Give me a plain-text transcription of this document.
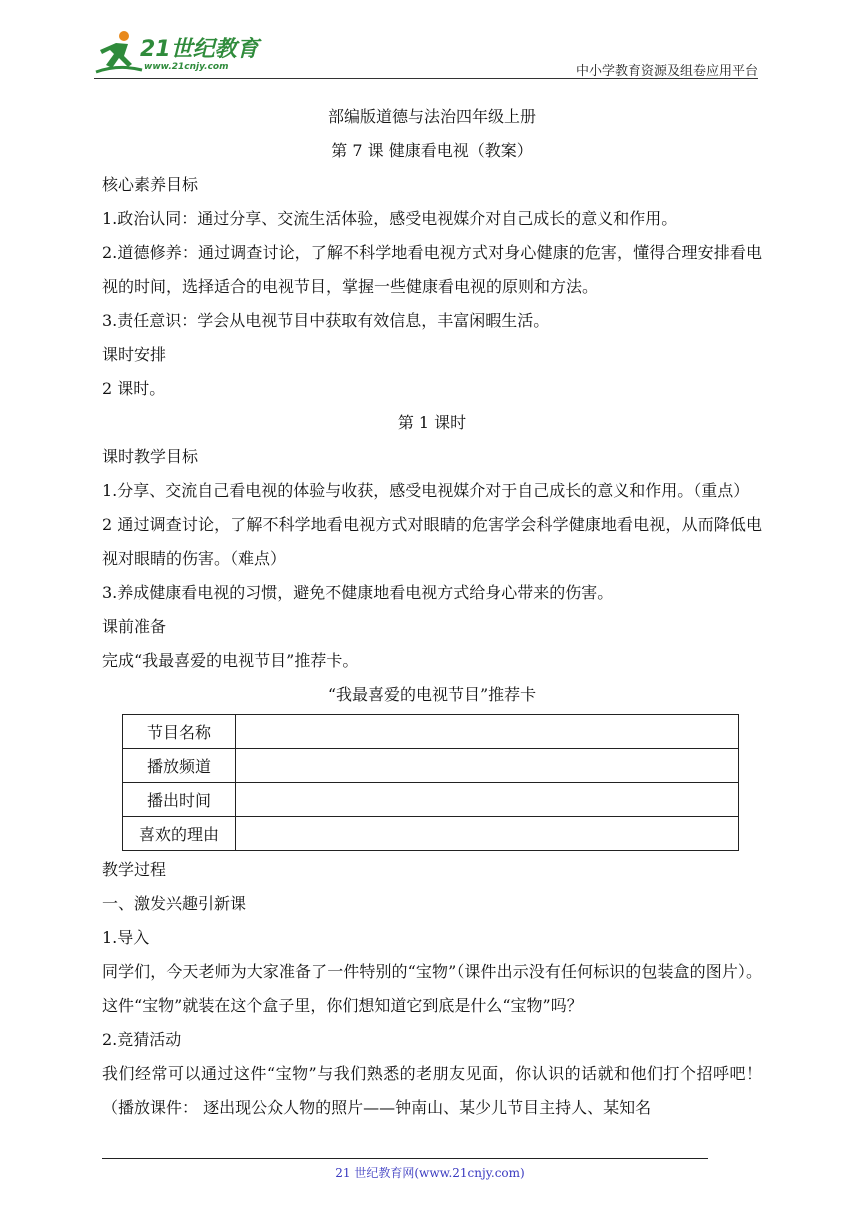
21世纪教育
www.21cnjy.com	中小学教育资源及组卷应用平台
部编版道德与法治四年级上册
第 7 课 健康看电视（教案）
核心素养目标
1.政治认同：通过分享、交流生活体验，感受电视媒介对自己成长的意义和作用。
2.道德修养：通过调查讨论，了解不科学地看电视方式对身心健康的危害，懂得合理安排看电视的时间，选择适合的电视节目，掌握一些健康看电视的原则和方法。
3.责任意识：学会从电视节目中获取有效信息，丰富闲暇生活。
课时安排
2 课时。
第 1 课时
课时教学目标
1.分享、交流自己看电视的体验与收获，感受电视媒介对于自己成长的意义和作用。（重点）
2 通过调查讨论，了解不科学地看电视方式对眼睛的危害学会科学健康地看电视，从而降低电视对眼睛的伤害。（难点）
3.养成健康看电视的习惯，避免不健康地看电视方式给身心带来的伤害。
课前准备
完成“我最喜爱的电视节目”推荐卡。
“我最喜爱的电视节目”推荐卡
节目名称	
播放频道	
播出时间	
喜欢的理由	
教学过程
一、激发兴趣引新课
1.导入
同学们，今天老师为大家准备了一件特别的“宝物”（课件出示没有任何标识的包装盒的图片）。这件“宝物”就装在这个盒子里，你们想知道它到底是什么“宝物”吗？
2.竞猜活动
我们经常可以通过这件“宝物”与我们熟悉的老朋友见面，你认识的话就和他们打个招呼吧！ （播放课件： 逐出现公众人物的照片——钟南山、某少儿节目主持人、某知名
21 世纪教育网(www.21cnjy.com)
